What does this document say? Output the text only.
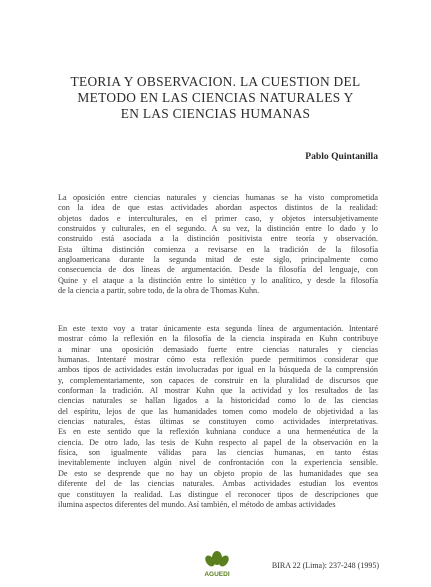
TEORIA Y OBSERVACION. LA CUESTION DEL
METODO EN LAS CIENCIAS NATURALES Y
EN LAS CIENCIAS HUMANAS
Pablo Quintanilla
La oposición entre ciencias naturales y ciencias humanas se ha visto comprometida
con la idea de que estas actividades abordan aspectos distintos de la realidad:
objetos dados e interculturales, en el primer caso, y objetos intersubjetivamente
construidos y culturales, en el segundo. A su vez, la distinción entre lo dado y lo
construido está asociada a la distinción positivista entre teoría y observación.
Esta última distinción comienza a revisarse en la tradición de la filosofía
angloamericana durante la segunda mitad de este siglo, principalmente como
consecuencia de dos líneas de argumentación. Desde la filosofía del lenguaje, con
Quine y el ataque a la distinción entre lo sintético y lo analítico, y desde la filosofía
de la ciencia a partir, sobre todo, de la obra de Thomas Kuhn.
En este texto voy a tratar únicamente esta segunda línea de argumentación. Intentaré
mostrar cómo la reflexión en la filosofía de la ciencia inspirada en Kuhn contribuye
a minar una oposición demasiado fuerte entre ciencias naturales y ciencias
humanas. Intentaré mostrar cómo esta reflexión puede permitirnos considerar que
ambos tipos de actividades están involucradas por igual en la búsqueda de la comprensión
y, complementariamente, son capaces de construir en la pluralidad de discursos que
conforman la tradición. Al mostrar Kuhn que la actividad y los resultados de las
ciencias naturales se hallan ligados a la historicidad como lo de las ciencias
del espíritu, lejos de que las humanidades tomen como modelo de objetividad a las
ciencias naturales, éstas últimas se constituyen como actividades interpretativas.
Es en este sentido que la reflexión kuhniana conduce a una hermenéutica de la
ciencia. De otro lado, las tesis de Kuhn respecto al papel de la observación en la
física, son igualmente válidas para las ciencias humanas, en tanto éstas
inevitablemente incluyen algún nivel de confrontación con la experiencia sensible.
De esto se desprende que no hay un objeto propio de las humanidades que sea
diferente del de las ciencias naturales. Ambas actividades estudian los eventos
que constituyen la realidad. Las distingue el reconocer tipos de descripciones que
ilumina aspectos diferentes del mundo. Así también, el método de ambas actividades
AGUEDI
BIRA 22 (Lima): 237-248 (1995)
